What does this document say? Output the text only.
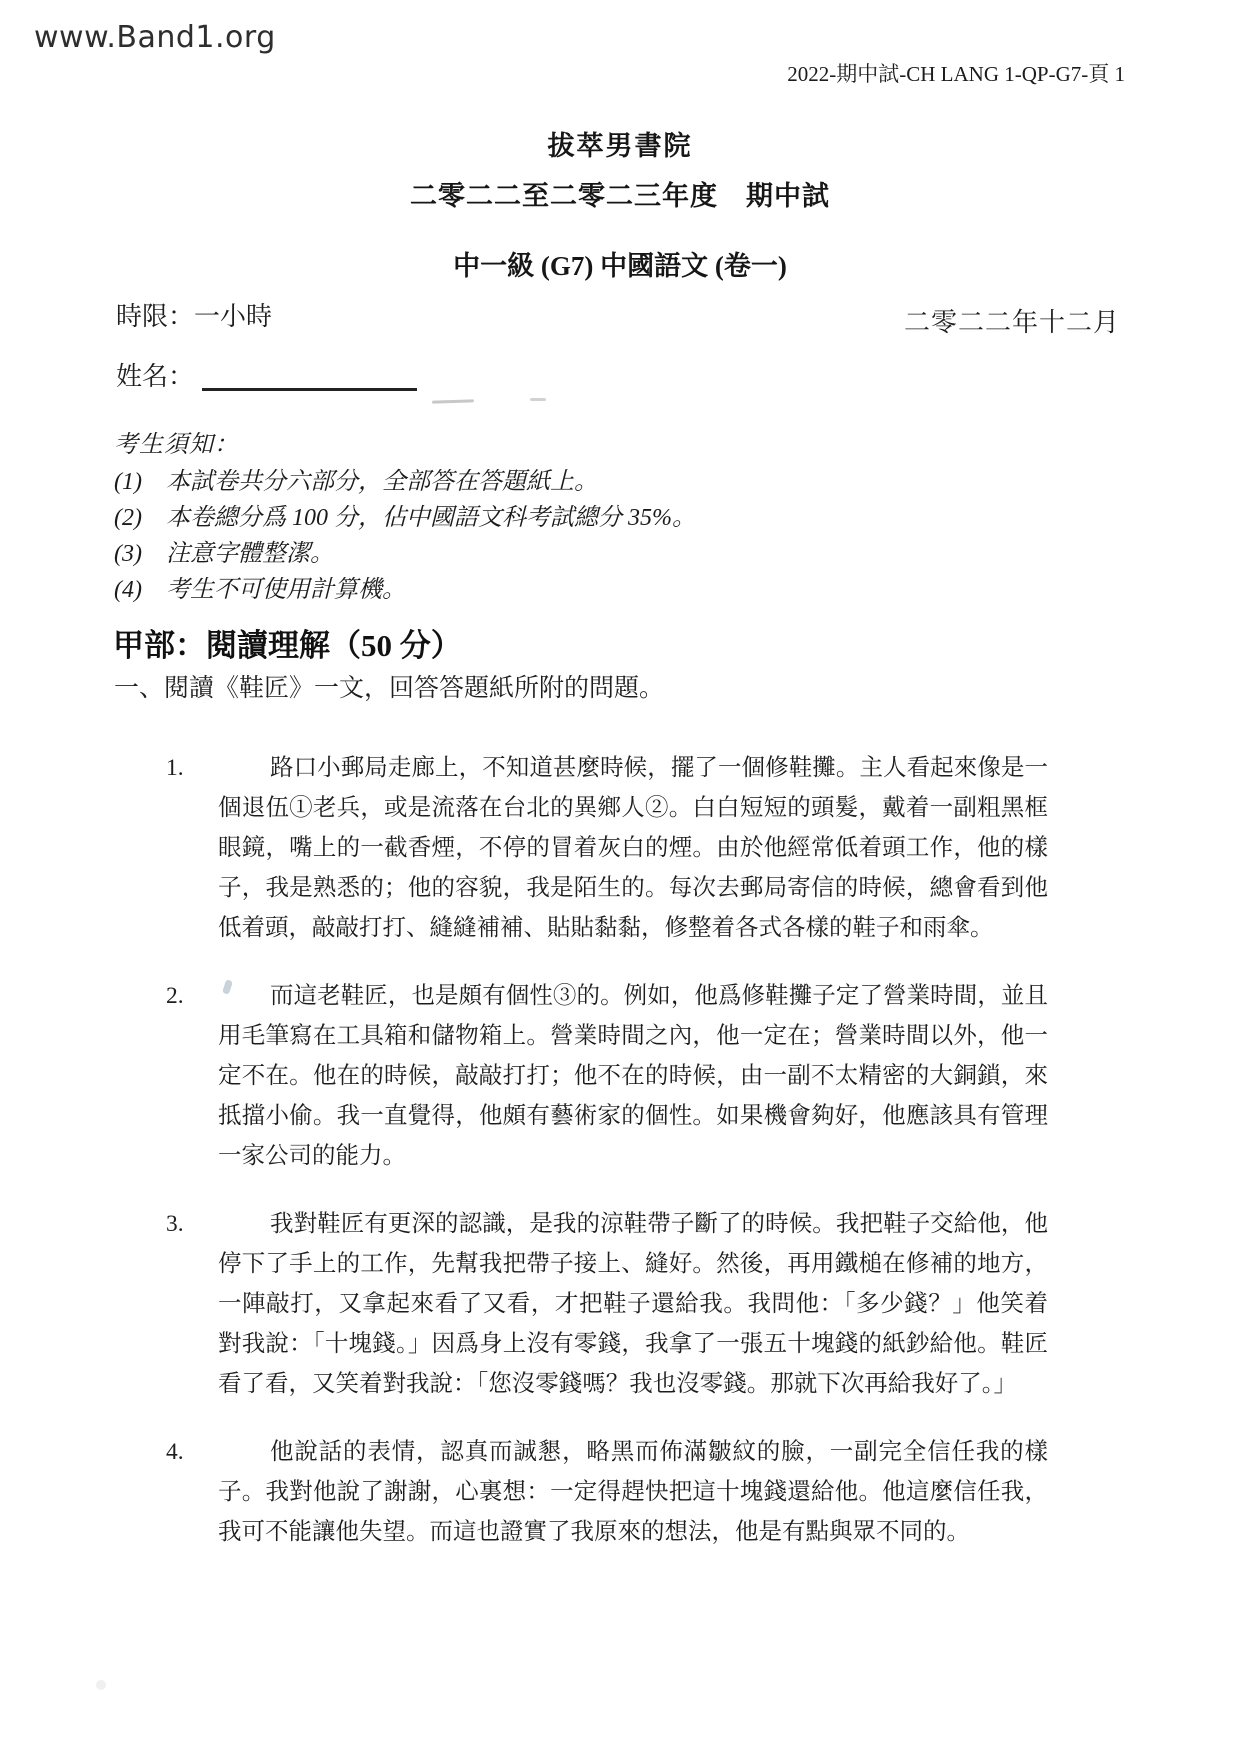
www.Band1.org
2022-期中試-CH LANG 1-QP-G7-頁 1
拔萃男書院
二零二二至二零二三年度　期中試
中一級 (G7) 中國語文 (卷一)
時限：一小時	二零二二年十二月
姓名：
考生須知：
(1) 本試卷共分六部分，全部答在答題紙上。
(2) 本卷總分爲 100 分，佔中國語文科考試總分 35%。
(3) 注意字體整潔。
(4) 考生不可使用計算機。
甲部：閱讀理解（50 分）
一、閱讀《鞋匠》一文，回答答題紙所附的問題。
1.	路口小郵局走廊上，不知道甚麼時候，擺了一個修鞋攤。主人看起來像是一個退伍①老兵，或是流落在台北的異鄉人②。白白短短的頭髮，戴着一副粗黑框眼鏡，嘴上的一截香煙，不停的冒着灰白的煙。由於他經常低着頭工作，他的樣子，我是熟悉的；他的容貌，我是陌生的。每次去郵局寄信的時候，總會看到他低着頭，敲敲打打、縫縫補補、貼貼黏黏，修整着各式各樣的鞋子和雨傘。
2.	而這老鞋匠，也是頗有個性③的。例如，他爲修鞋攤子定了營業時間，並且用毛筆寫在工具箱和儲物箱上。營業時間之內，他一定在；營業時間以外，他一定不在。他在的時候，敲敲打打；他不在的時候，由一副不太精密的大銅鎖，來抵擋小偷。我一直覺得，他頗有藝術家的個性。如果機會夠好，他應該具有管理一家公司的能力。
3.	我對鞋匠有更深的認識，是我的涼鞋帶子斷了的時候。我把鞋子交給他，他停下了手上的工作，先幫我把帶子接上、縫好。然後，再用鐵槌在修補的地方，一陣敲打，又拿起來看了又看，才把鞋子還給我。我問他：「多少錢？」他笑着對我說：「十塊錢。」因爲身上沒有零錢，我拿了一張五十塊錢的紙鈔給他。鞋匠看了看，又笑着對我說：「您沒零錢嗎？我也沒零錢。那就下次再給我好了。」
4.	他說話的表情，認真而誠懇，略黑而佈滿皺紋的臉，一副完全信任我的樣子。我對他說了謝謝，心裏想：一定得趕快把這十塊錢還給他。他這麼信任我，我可不能讓他失望。而這也證實了我原來的想法，他是有點與眾不同的。
